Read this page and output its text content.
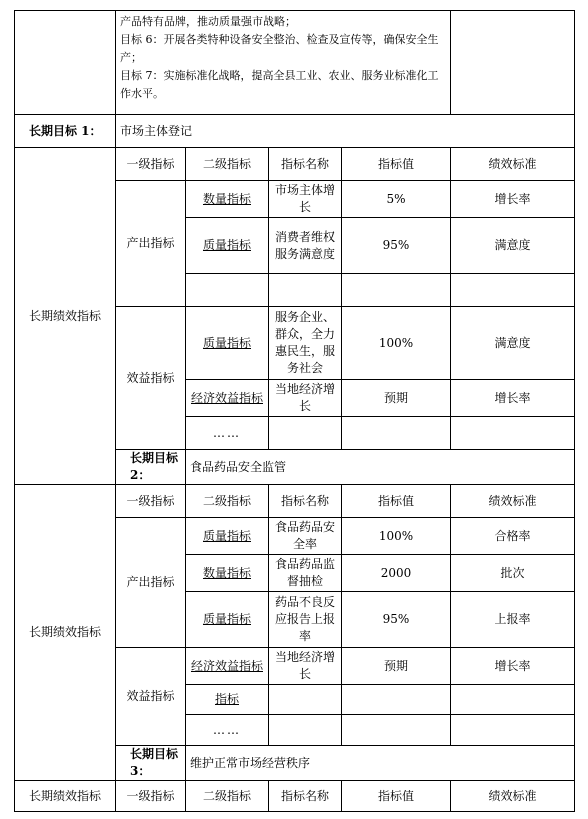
	产品特有品牌，推动质量强市战略；
目标 6：开展各类特种设备安全整治、检查及宣传等，确保安全生产；
目标 7：实施标准化战略，提高全县工业、农业、服务业标准化工作水平。				

长期目标 1：	市场主体登记				
长期绩效指标	一级指标	二级指标	指标名称	指标值	绩效标准
	产出指标	数量指标	市场主体增长	5%	增长率
		质量指标	消费者维权服务满意度	95%	满意度

	效益指标	质量指标	服务企业、群众，全力惠民生，服务社会	100%	满意度
		经济效益指标	当地经济增长	预期	增长率
		……			
	长期目标 2：	食品药品安全监管			
长期绩效指标	一级指标	二级指标	指标名称	指标值	绩效标准
	产出指标	质量指标	食品药品安全率	100%	合格率
		数量指标	食品药品监督抽检	2000	批次
		质量指标	药品不良反应报告上报率	95%	上报率
	效益指标	经济效益指标	当地经济增长	预期	增长率
		指标			
		……			
	长期目标 3：	维护正常市场经营秩序			
长期绩效指标	一级指标	二级指标	指标名称	指标值	绩效标准
